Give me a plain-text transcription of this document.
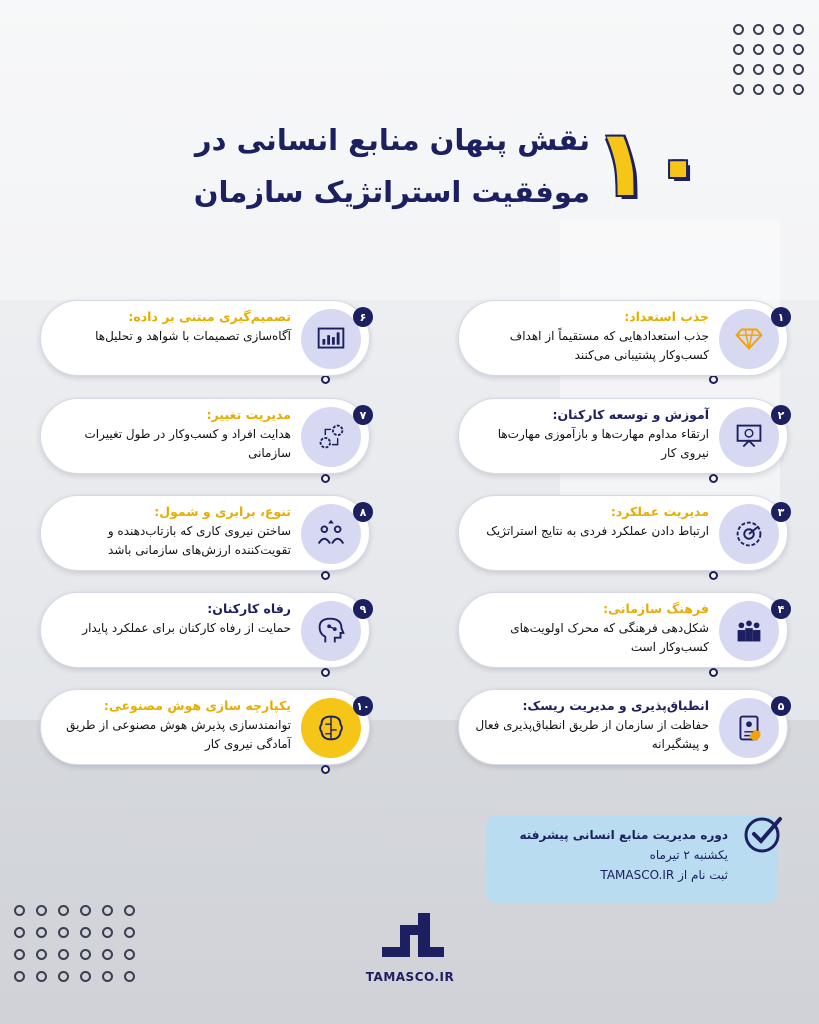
۱۰
نقش پنهان منابع انسانی در
موفقیت استراتژیک سازمان
۱
جذب استعداد:
جذب استعدادهایی که مستقیماً از اهداف کسب‌وکار پشتیبانی می‌کنند
۲
آموزش و توسعه کارکنان:
ارتقاء مداوم مهارت‌ها و بازآموزی مهارت‌ها نیروی کار
۳
مدیریت عملکرد:
ارتباط دادن عملکرد فردی به نتایج استراتژیک
۴
فرهنگ سازمانی:
شکل‌دهی فرهنگی که محرک اولویت‌های کسب‌وکار است
۵
انطباق‌پذیری و مدیریت ریسک:
حفاظت از سازمان از طریق انطباق‌پذیری فعال و پیشگیرانه
۶
تصمیم‌گیری مبتنی بر داده:
آگاه‌سازی تصمیمات با شواهد و تحلیل‌ها
۷
مدیریت تغییر:
هدایت افراد و کسب‌وکار در طول تغییرات سازمانی
۸
تنوع، برابری و شمول:
ساختن نیروی کاری که بازتاب‌دهنده و تقویت‌کننده ارزش‌های سازمانی باشد
۹
رفاه کارکنان:
حمایت از رفاه کارکنان برای عملکرد پایدار
۱۰
یکپارچه سازی هوش مصنوعی:
توانمندسازی پذیرش هوش مصنوعی از طریق آمادگی نیروی کار
دوره مدیریت منابع انسانی پیشرفته
یکشنبه ۲ تیرماه
ثبت نام از TAMASCO.IR
TAMASCO.IR
